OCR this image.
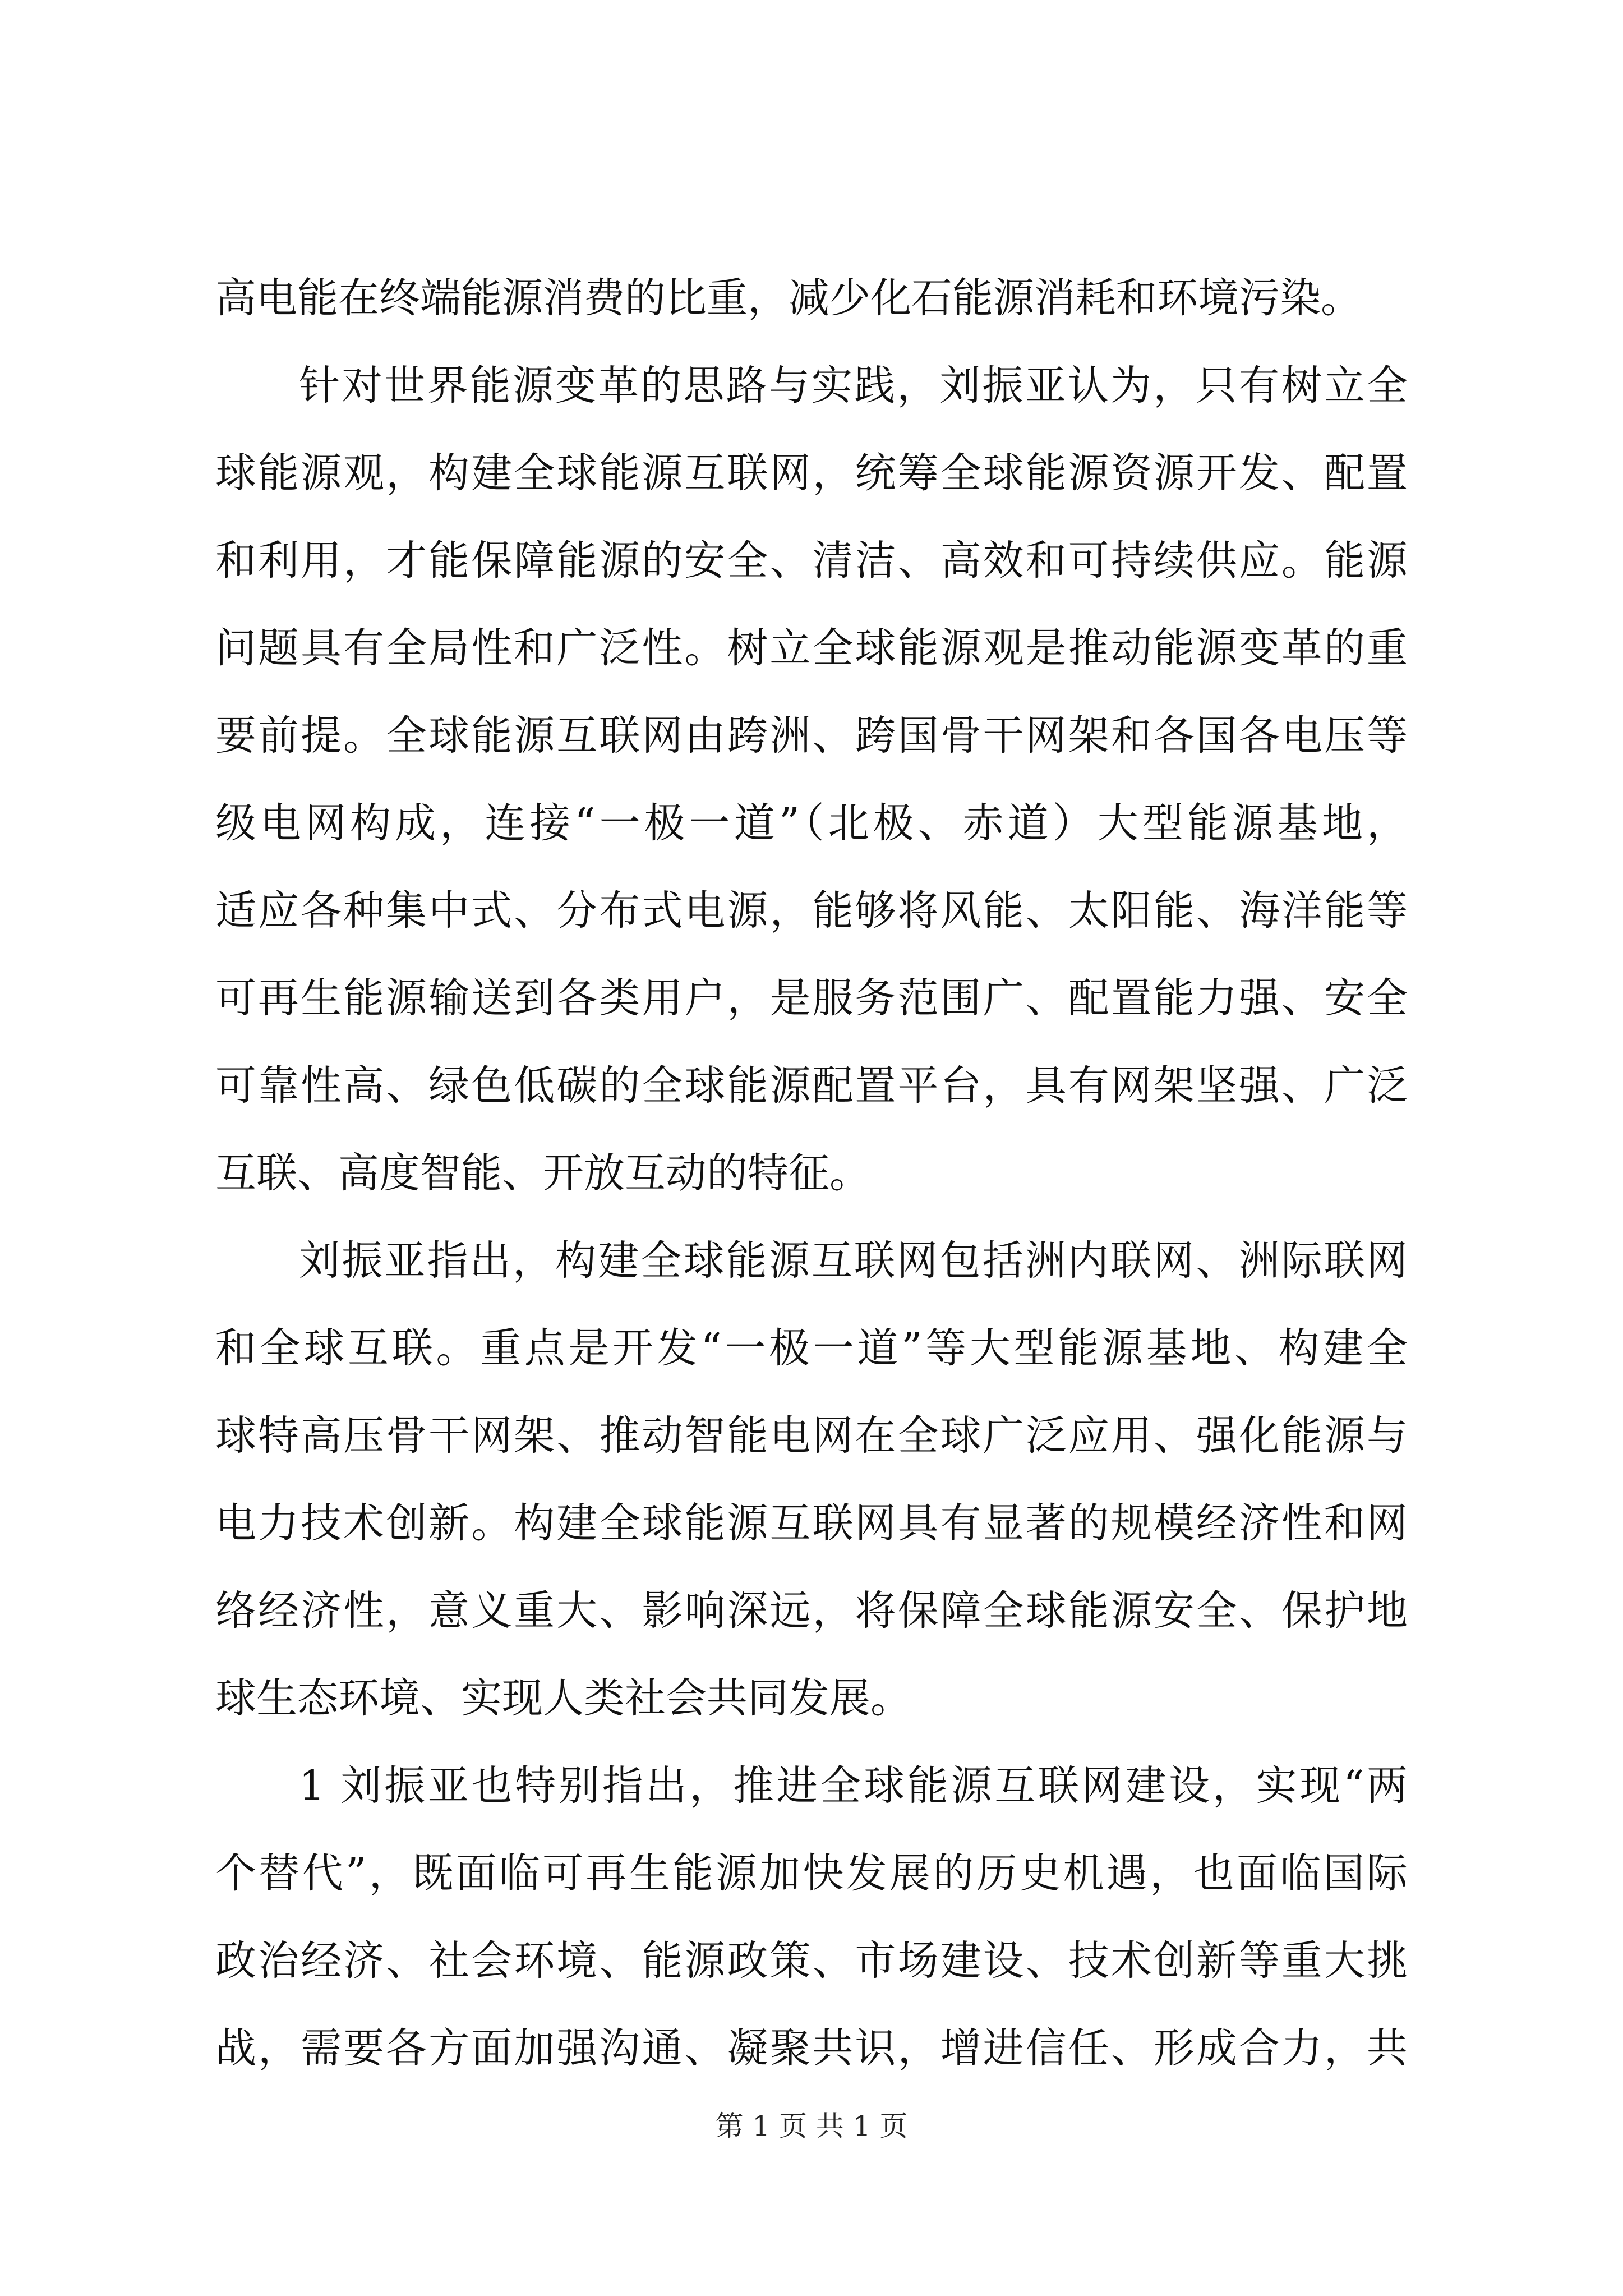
高电能在终端能源消费的比重，减少化石能源消耗和环境污染。
针对世界能源变革的思路与实践，刘振亚认为，只有树立全
球能源观，构建全球能源互联网，统筹全球能源资源开发、配置
和利用，才能保障能源的安全、清洁、高效和可持续供应。能源
问题具有全局性和广泛性。树立全球能源观是推动能源变革的重
要前提。全球能源互联网由跨洲、跨国骨干网架和各国各电压等
级电网构成，连接“一极一道”（北极、赤道）大型能源基地，
适应各种集中式、分布式电源，能够将风能、太阳能、海洋能等
可再生能源输送到各类用户，是服务范围广、配置能力强、安全
可靠性高、绿色低碳的全球能源配置平台，具有网架坚强、广泛
互联、高度智能、开放互动的特征。
刘振亚指出，构建全球能源互联网包括洲内联网、洲际联网
和全球互联。重点是开发“一极一道”等大型能源基地、构建全
球特高压骨干网架、推动智能电网在全球广泛应用、强化能源与
电力技术创新。构建全球能源互联网具有显著的规模经济性和网
络经济性，意义重大、影响深远，将保障全球能源安全、保护地
球生态环境、实现人类社会共同发展。
1 刘振亚也特别指出，推进全球能源互联网建设，实现“两
个替代”，既面临可再生能源加快发展的历史机遇，也面临国际
政治经济、社会环境、能源政策、市场建设、技术创新等重大挑
战，需要各方面加强沟通、凝聚共识，增进信任、形成合力，共
第 1 页 共 1 页
